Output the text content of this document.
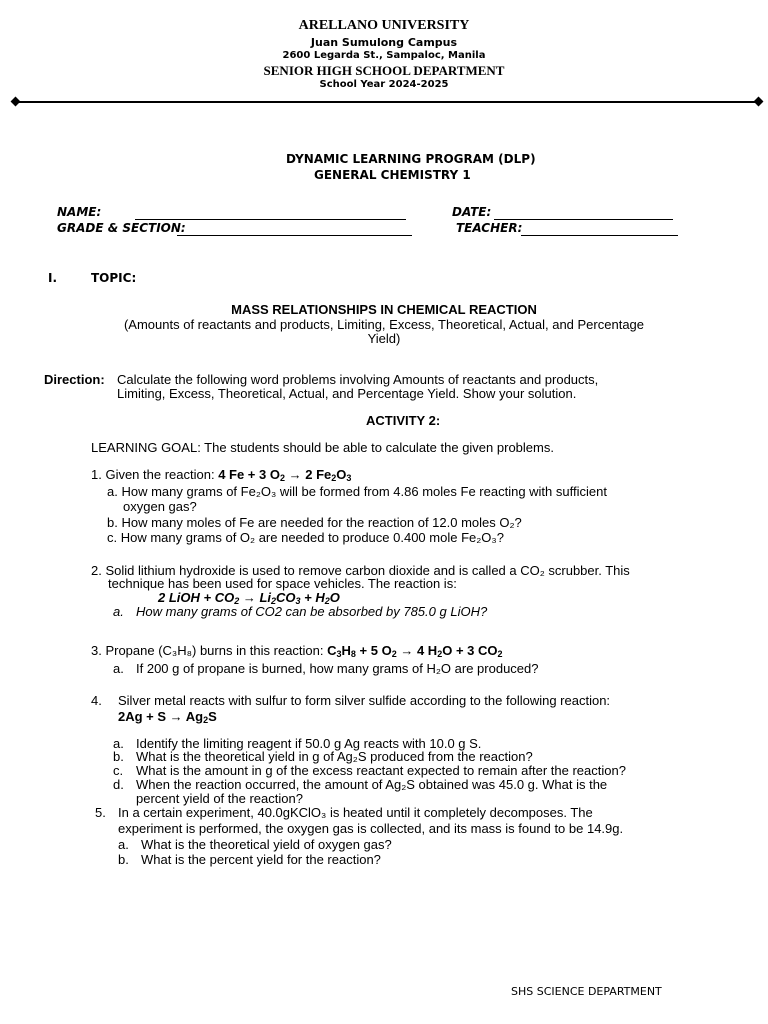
ARELLANO UNIVERSITY
Juan Sumulong Campus
2600 Legarda St., Sampaloc, Manila
SENIOR HIGH SCHOOL DEPARTMENT
School Year 2024-2025
DYNAMIC LEARNING PROGRAM (DLP)
GENERAL CHEMISTRY 1
NAME:	DATE:
GRADE & SECTION:	TEACHER:
I.	TOPIC:
MASS RELATIONSHIPS IN CHEMICAL REACTION
(Amounts of reactants and products, Limiting, Excess, Theoretical, Actual, and Percentage
Yield)
Direction: Calculate the following word problems involving Amounts of reactants and products,
Limiting, Excess, Theoretical, Actual, and Percentage Yield. Show your solution.
ACTIVITY 2:
LEARNING GOAL: The students should be able to calculate the given problems.
1. Given the reaction: 4 Fe + 3 $O_2 \to 2$ $Fe_2O_3$
a. How many grams of Fe₂O₃ will be formed from 4.86 moles Fe reacting with sufficient
oxygen gas?
b. How many moles of Fe are needed for the reaction of 12.0 moles O₂?
c. How many grams of O₂ are needed to produce 0.400 mole Fe₂O₃?
2. Solid lithium hydroxide is used to remove carbon dioxide and is called a CO₂ scrubber. This
technique has been used for space vehicles. The reaction is:
2 LiOH + $CO_2 \to Li_2CO_3 + H_2O$
a. How many grams of CO2 can be absorbed by 785.0 g LiOH?
3. Propane (C₃H₈) burns in this reaction: $C_3H_8 + 5$ $O_2 \to 4$ $H_2O + 3$ $CO_2$
a. If 200 g of propane is burned, how many grams of H₂O are produced?
4. Silver metal reacts with sulfur to form silver sulfide according to the following reaction:
$2Ag + S \to Ag_2S$
a. Identify the limiting reagent if 50.0 g Ag reacts with 10.0 g S.
b. What is the theoretical yield in g of Ag₂S produced from the reaction?
c. What is the amount in g of the excess reactant expected to remain after the reaction?
d. When the reaction occurred, the amount of Ag₂S obtained was 45.0 g. What is the
percent yield of the reaction?
5. In a certain experiment, 40.0gKClO₃ is heated until it completely decomposes. The
experiment is performed, the oxygen gas is collected, and its mass is found to be 14.9g.
a. What is the theoretical yield of oxygen gas?
b. What is the percent yield for the reaction?
SHS SCIENCE DEPARTMENT
